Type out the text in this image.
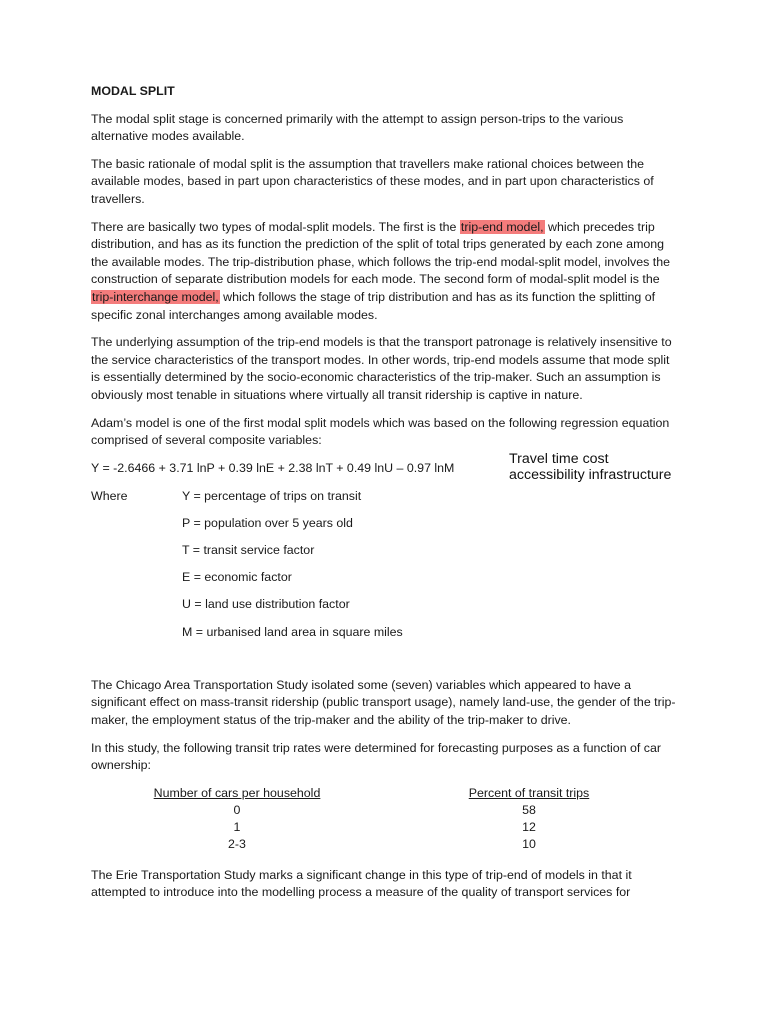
MODAL SPLIT

The modal split stage is concerned primarily with the attempt to assign person-trips to the various alternative modes available.

The basic rationale of modal split is the assumption that travellers make rational choices between the available modes, based in part upon characteristics of these modes, and in part upon characteristics of travellers.

There are basically two types of modal-split models. The first is the trip-end model, which precedes trip distribution, and has as its function the prediction of the split of total trips generated by each zone among the available modes. The trip-distribution phase, which follows the trip-end modal-split model, involves the construction of separate distribution models for each mode. The second form of modal-split model is the trip-interchange model, which follows the stage of trip distribution and has as its function the splitting of specific zonal interchanges among available modes.

The underlying assumption of the trip-end models is that the transport patronage is relatively insensitive to the service characteristics of the transport modes. In other words, trip-end models assume that mode split is essentially determined by the socio-economic characteristics of the trip-maker. Such an assumption is obviously most tenable in situations where virtually all transit ridership is captive in nature.

Adam’s model is one of the first modal split models which was based on the following regression equation comprised of several composite variables:

Y = -2.6466 + 3.71 lnP + 0.39 lnE + 2.38 lnT + 0.49 lnU – 0.97 lnM
Travel time cost
accessibility infrastructure
Where	Y = percentage of trips on transit
P = population over 5 years old
T = transit service factor
E = economic factor
U = land use distribution factor
M = urbanised land area in square miles

The Chicago Area Transportation Study isolated some (seven) variables which appeared to have a significant effect on mass-transit ridership (public transport usage), namely land-use, the gender of the trip-maker, the employment status of the trip-maker and the ability of the trip-maker to drive.

In this study, the following transit trip rates were determined for forecasting purposes as a function of car ownership:

Number of cars per household
0
1
2-3
Percent of transit trips
58
12
10

The Erie Transportation Study marks a significant change in this type of trip-end of models in that it attempted to introduce into the modelling process a measure of the quality of transport services for
